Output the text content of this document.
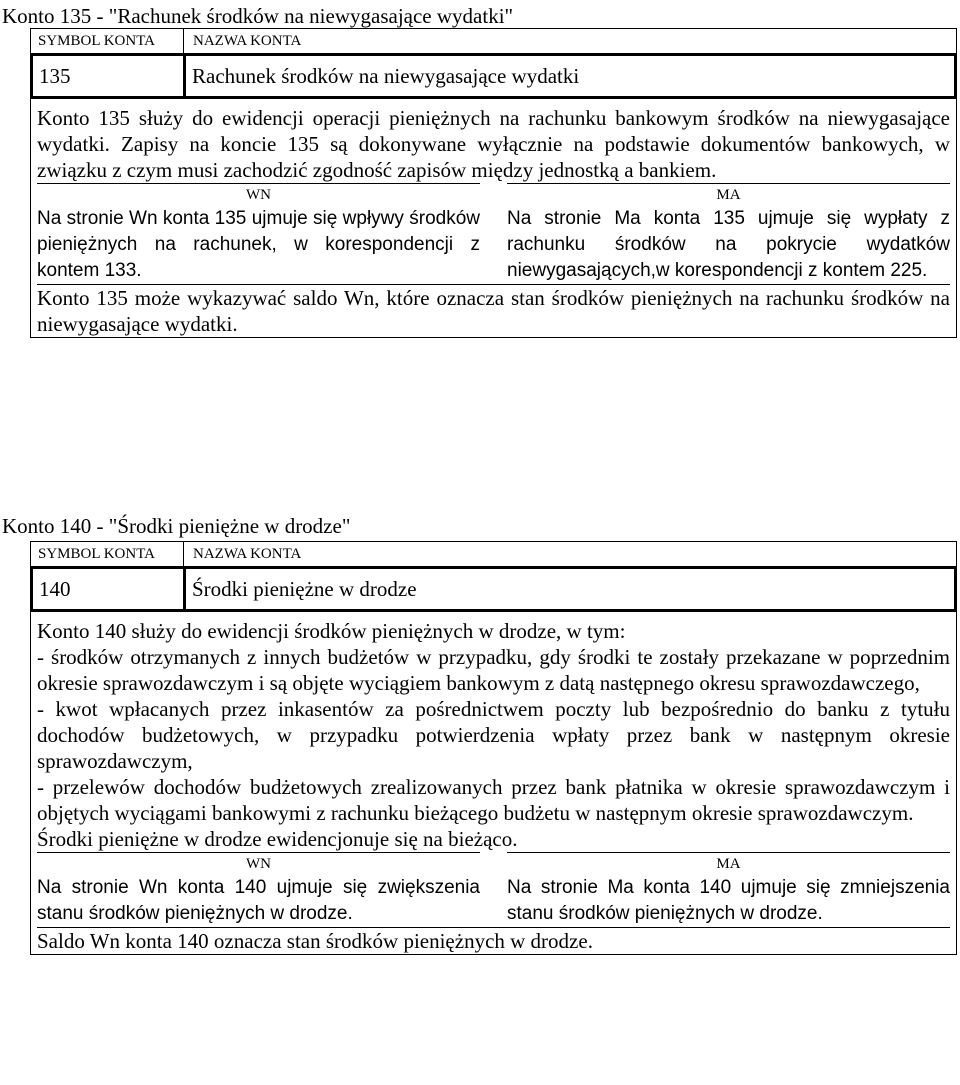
Konto 135 - "Rachunek środków na niewygasające wydatki"
SYMBOL KONTA	NAZWA KONTA
135	Rachunek środków na niewygasające wydatki

Konto 135 służy do ewidencji operacji pieniężnych na rachunku bankowym środków na niewygasające wydatki. Zapisy na koncie 135 są dokonywane wyłącznie na podstawie dokumentów bankowych, w związku z czym musi zachodzić zgodność zapisów między jednostką a bankiem.

WN

Na stronie Wn konta 135 ujmuje się wpływy środków pieniężnych na rachunek, w korespondencji z kontem 133.

MA

Na stronie Ma konta 135 ujmuje się wypłaty z rachunku środków na pokrycie wydatków niewygasających,w korespondencji z kontem 225.

Konto 135 może wykazywać saldo Wn, które oznacza stan środków pieniężnych na rachunku środków na niewygasające wydatki.

Konto 140 - "Środki pieniężne w drodze"
SYMBOL KONTA	NAZWA KONTA
140	Środki pieniężne w drodze

Konto 140 służy do ewidencji środków pieniężnych w drodze, w tym:

- środków otrzymanych z innych budżetów w przypadku, gdy środki te zostały przekazane w poprzednim okresie sprawozdawczym i są objęte wyciągiem bankowym z datą następnego okresu sprawozdawczego,

- kwot wpłacanych przez inkasentów za pośrednictwem poczty lub bezpośrednio do banku z tytułu dochodów budżetowych, w przypadku potwierdzenia wpłaty przez bank w następnym okresie sprawozdawczym,

- przelewów dochodów budżetowych zrealizowanych przez bank płatnika w okresie sprawozdawczym i objętych wyciągami bankowymi z rachunku bieżącego budżetu w następnym okresie sprawozdawczym.

Środki pieniężne w drodze ewidencjonuje się na bieżąco.

WN

Na stronie Wn konta 140 ujmuje się zwiększenia stanu środków pieniężnych w drodze.

MA

Na stronie Ma konta 140 ujmuje się zmniejszenia stanu środków pieniężnych w drodze.

Saldo Wn konta 140 oznacza stan środków pieniężnych w drodze.
